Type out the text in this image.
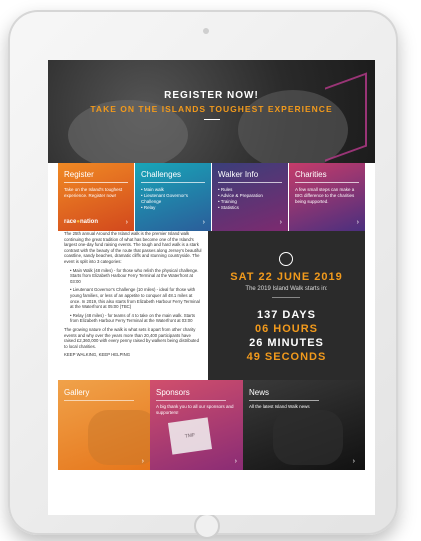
REGISTER NOW!
TAKE ON THE ISLANDS TOUGHEST EXPERIENCE
Register

Take on the Island's toughest experience. Register now!

race●nation	›
Challenges

• Main walk
• Lieutenant Governor's Challenge
• Relay

›
Walker Info

• Rules
• Advice & Preparation
• Training
• Statistics

›
Charities

A few small steps can make a BIG difference to the charities being supported.

›

The 25th annual Around the Island walk is the premier Island walk continuing the great tradition of what has become one of the Island's largest one-day fund raising events. The tough and hard walk is a stark contrast with the beauty of the route that passes along Jersey's beautiful coastline, sandy beaches, dramatic cliffs and stunning countryside. The event is split into 3 categories:

• Main Walk (48 miles) - for those who relish the physical challenge. Starts from Elizabeth Harbour Ferry Terminal at the Waterfront at 03:00

• Lieutenant Governor's Challenge (10 miles) - ideal for those with young families, or less of an appetite to conquer all 48.1 miles at once. In 2019, this also starts from Elizabeth Harbour Ferry Terminal at the Waterfront at 05:00 (TBC)

• Relay (48 miles) - for teams of 4 to take on the main walk. Starts from Elizabeth Harbour Ferry Terminal at the Waterfront at 03:00

The growing nature of the walk is what sets it apart from other charity events and why over the years more than 20,400 participants have raised £2,360,000 with every penny raised by walkers being distributed to local charities.

KEEP WALKING, KEEP HELPING

SAT 22 JUNE 2019
The 2019 Island Walk starts in:
137 DAYS
06 HOURS
26 MINUTES
49 SECONDS
Gallery
›
Sponsors

A big thank you to all our sponsors and supporters!

TMF
›
News

All the latest Island Walk news

›
